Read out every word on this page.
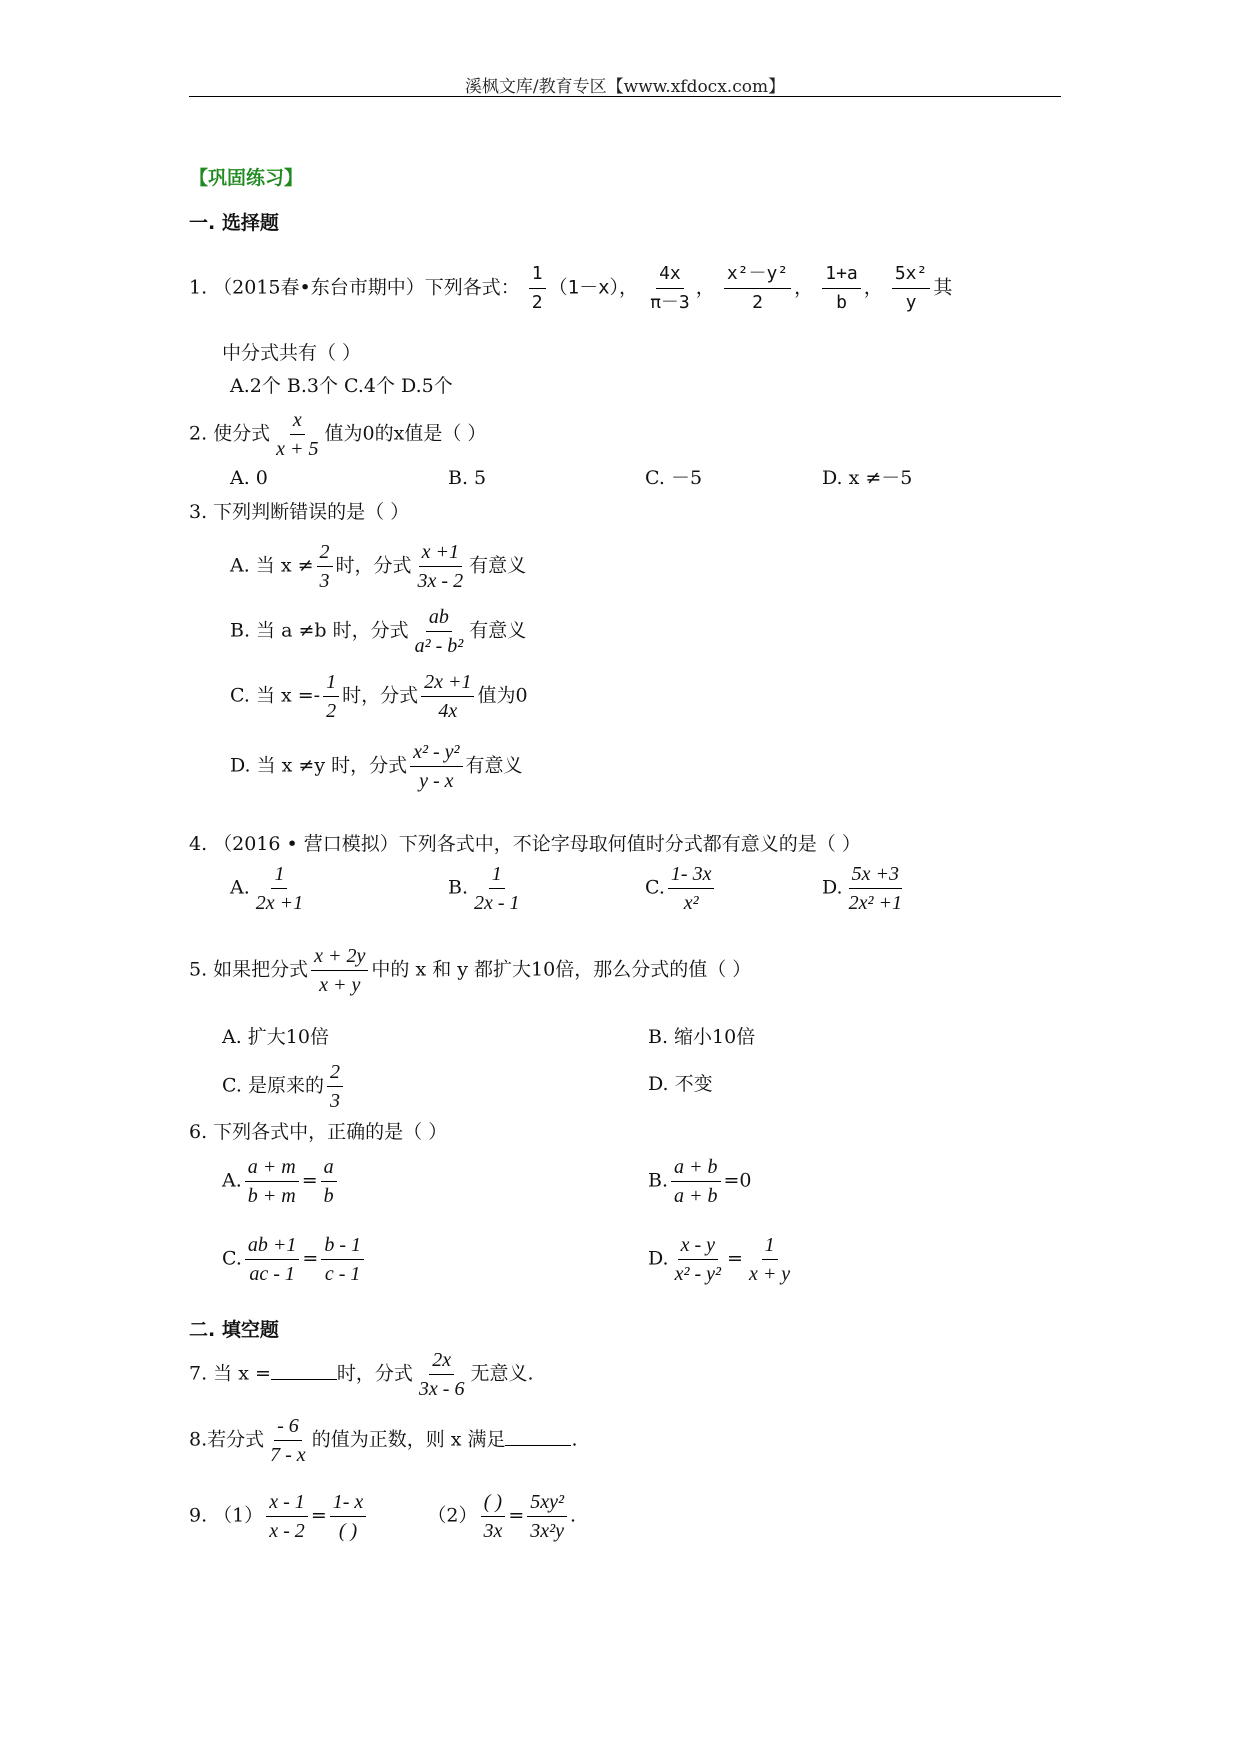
溪枫文库/教育专区【www.xfdocx.com】
【巩固练习】
一. 选择题
1. （2015春•东台市期中）下列各式： $\frac{1}{2} (1-x)$， $\frac{4x}{\pi-3}$ ， $\frac{\text{x²－y²}}{2}$ ， $\frac{1+a}{b}$ ， $\frac{\text{5x²}}{y}$ 其
中分式共有（ ）
A.2个 B.3个 C.4个 D.5个
2. 使分式 $\frac{x}{x + 5}$ 值为0的x值是（ ）
A. 0	B. 5	C. －5	D. x ≠－5
3. 下列判断错误的是（ ）
A. 当 $x \ne \frac{2}{3}$ 时，分式 $\frac{x +1}{3x - 2}$ 有意义
B. 当 a ≠b 时，分式 $\frac{ab}{\text{a² - b²}}$ 有意义
C. 当 $x =- \frac{1}{2}$ 时，分式 $\frac{2x +1}{4x}$ 值为0
D. 当 x ≠y 时，分式 $\frac{\text{x² - y²}}{y - x}$ 有意义
4. （2016 • 营口模拟）下列各式中，不论字母取何值时分式都有意义的是（ ）
A. $\frac{1}{2x +1}$	B. $\frac{1}{2x - 1}$	C. $\frac{1- 3x}{\text{x²}}$	D. $\frac{5x +3}{\text{2x² +1}}$
5. 如果把分式 $\frac{x + 2y}{x + y}$ 中的 x 和 y 都扩大10倍，那么分式的值（ ）
A. 扩大10倍	B. 缩小10倍
C. 是原来的 $\frac{2}{3}$	D. 不变
6. 下列各式中，正确的是（ ）
A. $\frac{a + m}{b + m} = \frac{a}{b}$	B. $\frac{a + b}{a + b} =0$
C. $\frac{ab +1}{ac - 1} = \frac{b - 1}{c - 1}$	D. $\frac{x - y}{\text{x² - y²}} = \frac{1}{x + y}$
二. 填空题
7. 当 x =	时，分式 $\frac{2x}{3x - 6}$ 无意义.
8.若分式 $\frac{- 6}{7 - x}$ 的值为正数，则 x 满足	.
9. $(1) \frac{x - 1}{x - 2} = \frac{1- x}{( )}$	$(2) \frac{( )}{3x} = \frac{\text{5xy²}}{\text{3x²y}}$ .
